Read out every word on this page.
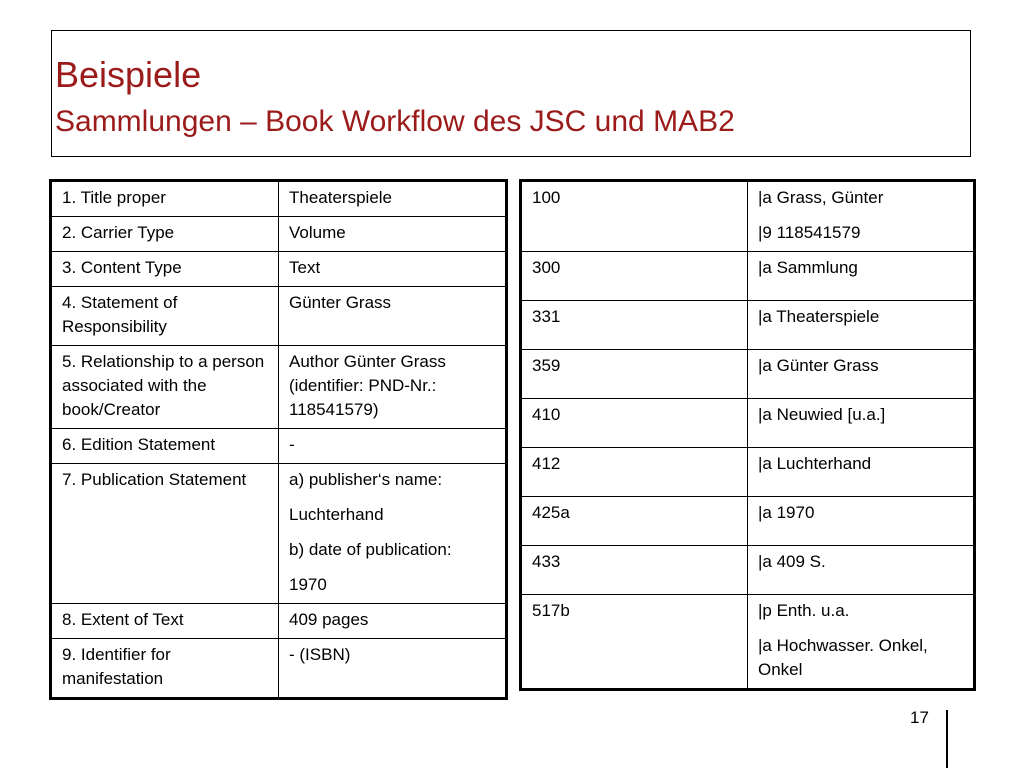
Beispiele
Sammlungen – Book Workflow des JSC und MAB2
1. Title proper	Theaterspiele

2. Carrier Type	Volume

3. Content Type	Text

4. Statement of Responsibility	Günter Grass

5. Relationship to a person associated with the book/Creator	Author Günter Grass (identifier: PND-Nr.: 118541579)

6. Edition Statement	-

7. Publication Statement	a) publisher‘s name:
Luchterhand
b) date of publication:
1970

8. Extent of Text	409 pages

9. Identifier for manifestation	- (ISBN)
100	|a Grass, Günter
|9 118541579

300	|a Sammlung

331	|a Theaterspiele

359	|a Günter Grass

410	|a Neuwied [u.a.]

412	|a Luchterhand

425a	|a 1970

433	|a 409 S.

517b	|p Enth. u.a.
|a Hochwasser. Onkel, Onkel
17
